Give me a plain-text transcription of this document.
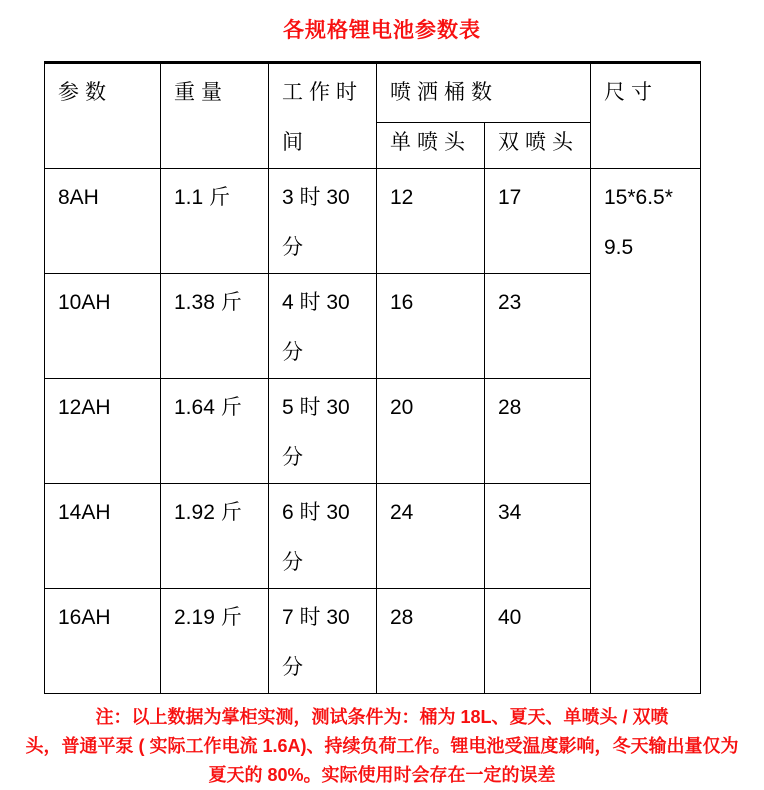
各规格锂电池参数表
参数	重量	工作时间	喷洒桶数		尺寸
			单喷头	双喷头	
8AH	1.1 斤	3 时 30 分	12	17	15*6.5* 9.5
10AH	1.38 斤	4 时 30 分	16	23	
12AH	1.64 斤	5 时 30 分	20	28	
14AH	1.92 斤	6 时 30 分	24	34	
16AH	2.19 斤	7 时 30 分	28	40	
注：以上数据为掌柜实测，测试条件为：桶为 18L、夏天、单喷头 / 双喷
头，普通平泵 ( 实际工作电流 1.6A)、持续负荷工作。锂电池受温度影响，冬天输出量仅为
夏天的 80%。实际使用时会存在一定的误差
